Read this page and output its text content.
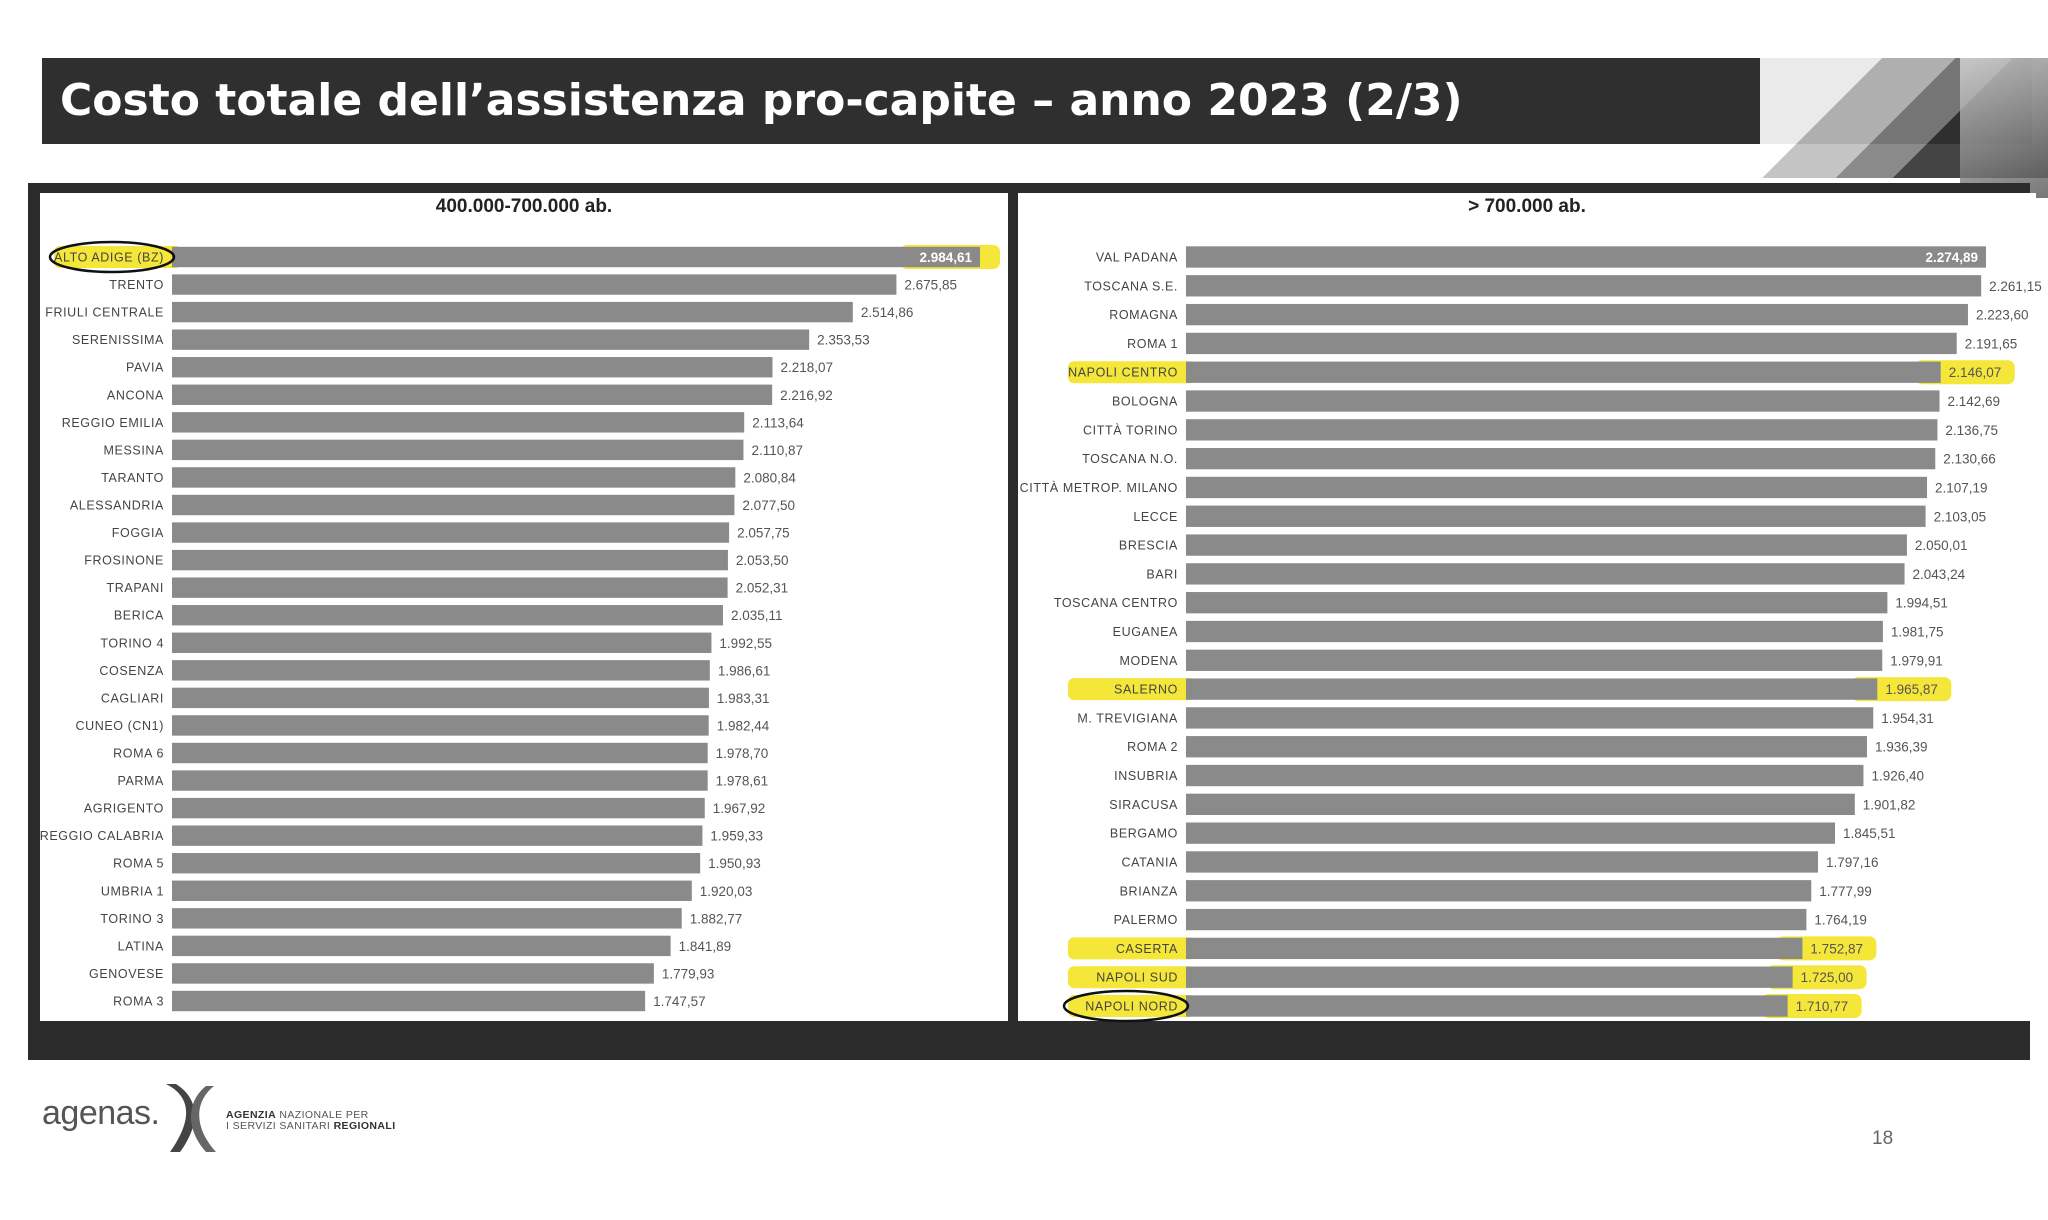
Costo totale dell’assistenza pro-capite – anno 2023 (2/3)
400.000-700.000 ab.
ALTO ADIGE (BZ)	2.984,61
TRENTO	2.675,85
FRIULI CENTRALE	2.514,86
SERENISSIMA	2.353,53
PAVIA	2.218,07
ANCONA	2.216,92
REGGIO EMILIA	2.113,64
MESSINA	2.110,87
TARANTO	2.080,84
ALESSANDRIA	2.077,50
FOGGIA	2.057,75
FROSINONE	2.053,50
TRAPANI	2.052,31
BERICA	2.035,11
TORINO 4	1.992,55
COSENZA	1.986,61
CAGLIARI	1.983,31
CUNEO (CN1)	1.982,44
ROMA 6	1.978,70
PARMA	1.978,61
AGRIGENTO	1.967,92
REGGIO CALABRIA	1.959,33
ROMA 5	1.950,93
UMBRIA 1	1.920,03
TORINO 3	1.882,77
LATINA	1.841,89
GENOVESE	1.779,93
ROMA 3	1.747,57
> 700.000 ab.
VAL PADANA	2.274,89
TOSCANA S.E.	2.261,15
ROMAGNA	2.223,60
ROMA 1	2.191,65
NAPOLI CENTRO	2.146,07
BOLOGNA	2.142,69
CITTÀ TORINO	2.136,75
TOSCANA N.O.	2.130,66
CITTÀ METROP. MILANO	2.107,19
LECCE	2.103,05
BRESCIA	2.050,01
BARI	2.043,24
TOSCANA CENTRO	1.994,51
EUGANEA	1.981,75
MODENA	1.979,91
SALERNO	1.965,87
M. TREVIGIANA	1.954,31
ROMA 2	1.936,39
INSUBRIA	1.926,40
SIRACUSA	1.901,82
BERGAMO	1.845,51
CATANIA	1.797,16
BRIANZA	1.777,99
PALERMO	1.764,19
CASERTA	1.752,87
NAPOLI SUD	1.725,00
NAPOLI NORD	1.710,77
agenas.	AGENZIA NAZIONALE PER
I SERVIZI SANITARI REGIONALI
18
